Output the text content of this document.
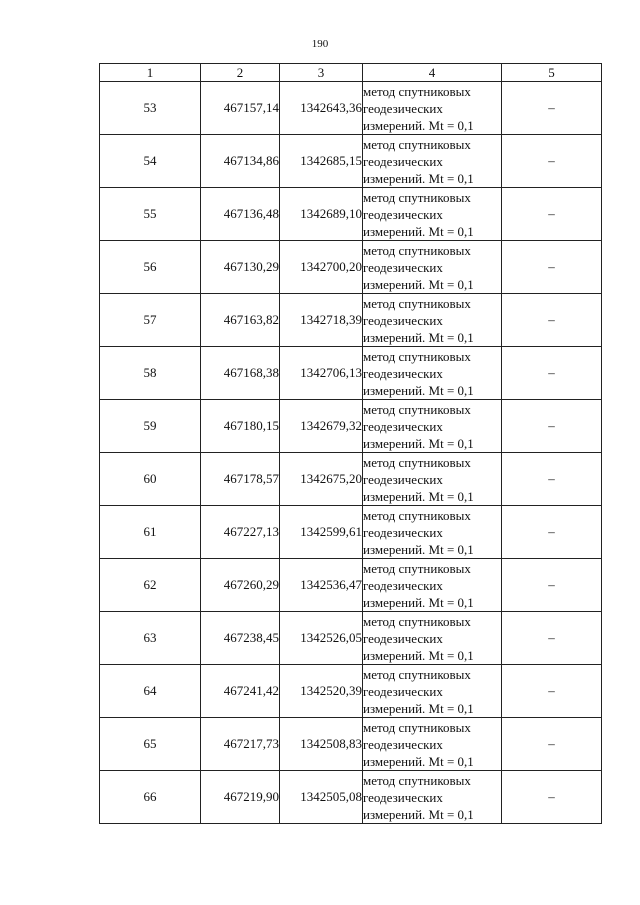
190
1	2	3	4	5
53	467157,14	1342643,36	метод спутниковых
геодезических
измерений. Mt = 0,1	–
54	467134,86	1342685,15	метод спутниковых
геодезических
измерений. Mt = 0,1	–
55	467136,48	1342689,10	метод спутниковых
геодезических
измерений. Mt = 0,1	–
56	467130,29	1342700,20	метод спутниковых
геодезических
измерений. Mt = 0,1	–
57	467163,82	1342718,39	метод спутниковых
геодезических
измерений. Mt = 0,1	–
58	467168,38	1342706,13	метод спутниковых
геодезических
измерений. Mt = 0,1	–
59	467180,15	1342679,32	метод спутниковых
геодезических
измерений. Mt = 0,1	–
60	467178,57	1342675,20	метод спутниковых
геодезических
измерений. Mt = 0,1	–
61	467227,13	1342599,61	метод спутниковых
геодезических
измерений. Mt = 0,1	–
62	467260,29	1342536,47	метод спутниковых
геодезических
измерений. Mt = 0,1	–
63	467238,45	1342526,05	метод спутниковых
геодезических
измерений. Mt = 0,1	–
64	467241,42	1342520,39	метод спутниковых
геодезических
измерений. Mt = 0,1	–
65	467217,73	1342508,83	метод спутниковых
геодезических
измерений. Mt = 0,1	–
66	467219,90	1342505,08	метод спутниковых
геодезических
измерений. Mt = 0,1	–
